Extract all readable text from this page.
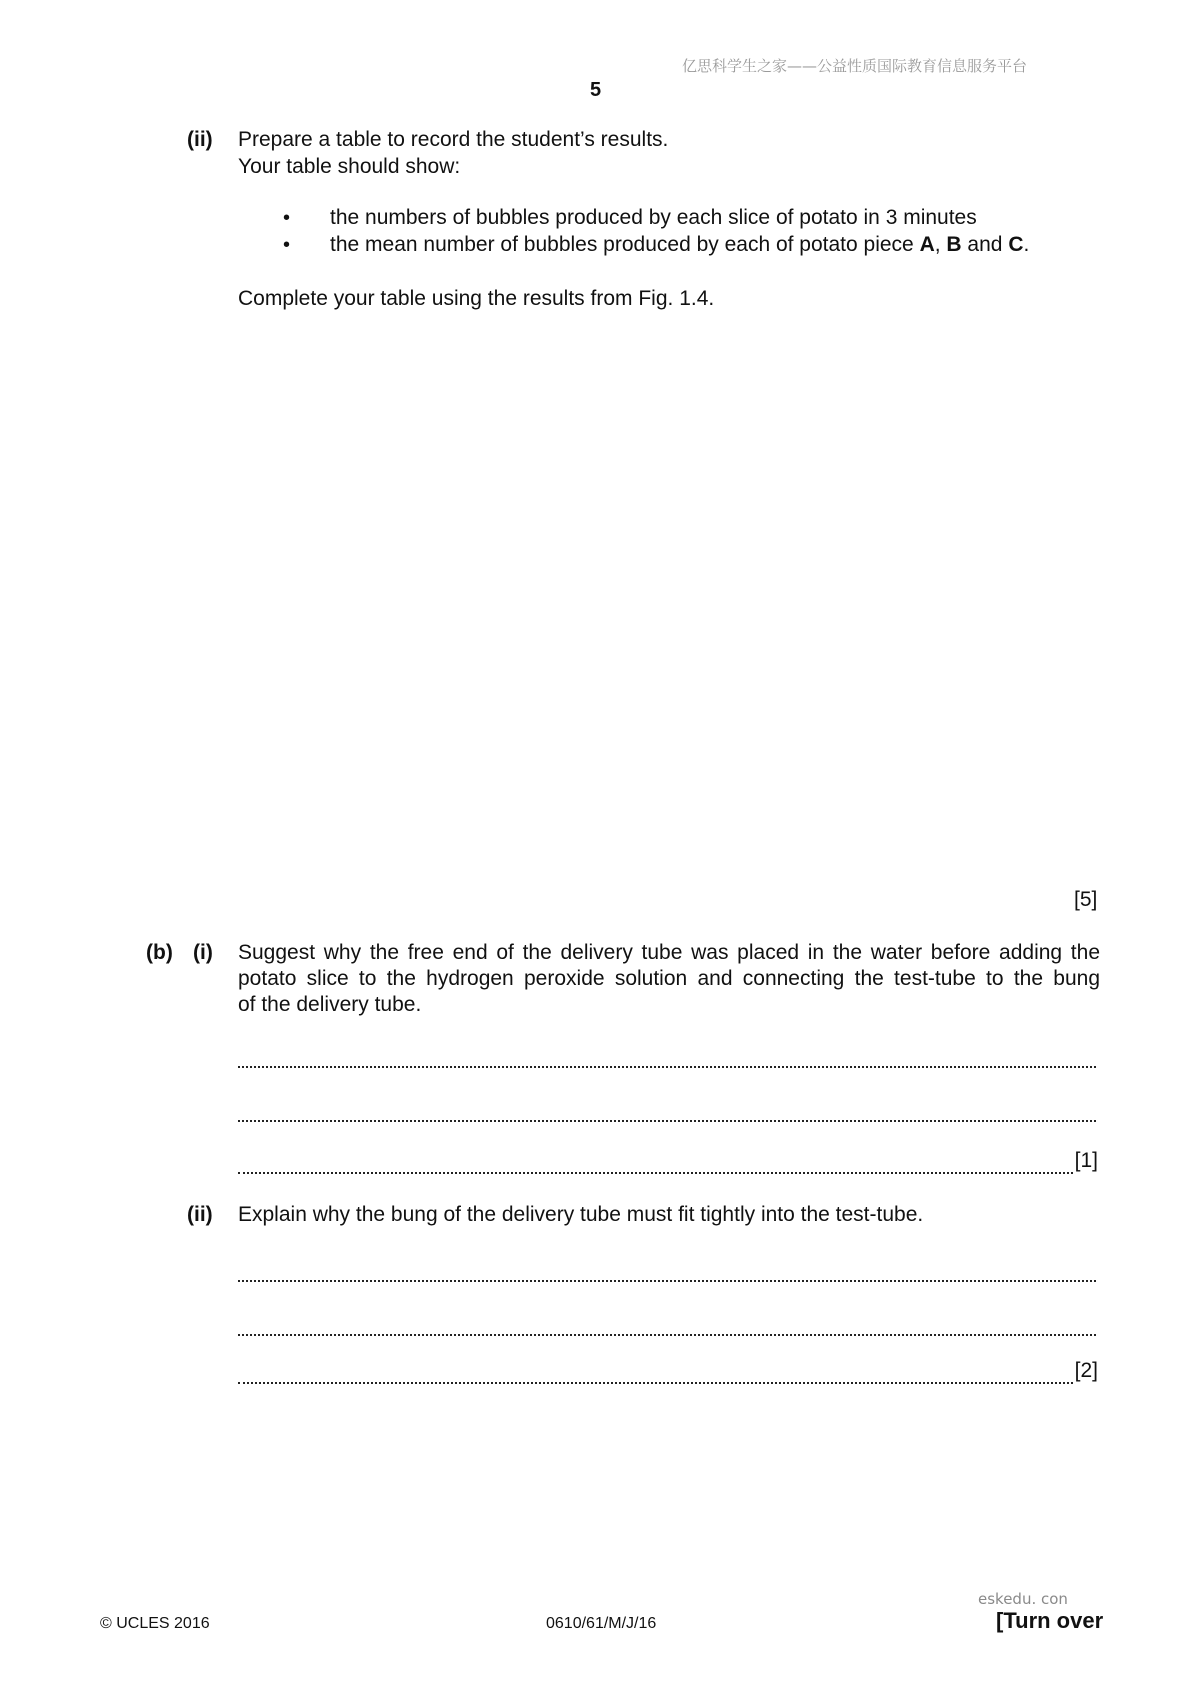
亿思科学生之家——公益性质国际教育信息服务平台
5
(ii) Prepare a table to record the student’s results.
Your table should show:
• the numbers of bubbles produced by each slice of potato in 3 minutes
• the mean number of bubbles produced by each of potato piece A, B and C.
Complete your table using the results from Fig. 1.4.
[5]
(b) (i) Suggest why the free end of the delivery tube was placed in the water before adding the
potato slice to the hydrogen peroxide solution and connecting the test-tube to the bung
of the delivery tube.
[1]
(ii) Explain why the bung of the delivery tube must fit tightly into the test-tube.
[2]
eskedu. con
© UCLES 2016	0610/61/M/J/16	[Turn over
